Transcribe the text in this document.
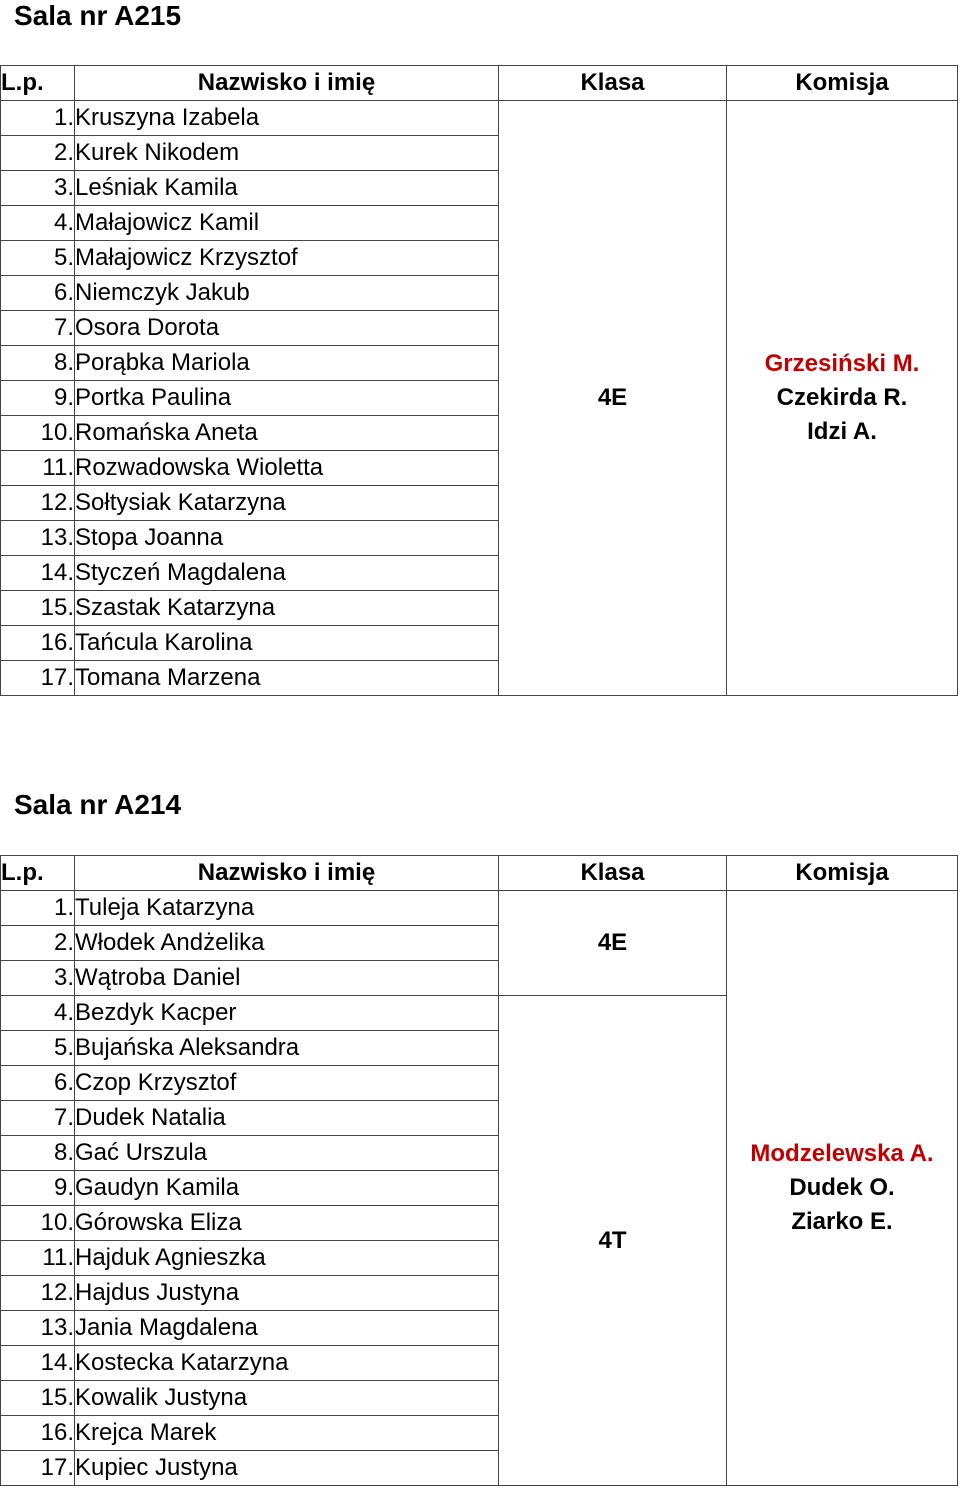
Sala nr A215
L.p.	Nazwisko i imię	Klasa	Komisja
1.	Kruszyna Izabela	4E	Grzesiński M.
Czekirda R.
Idzi A.

2.	Kurek Nikodem		
3.	Leśniak Kamila		
4.	Małajowicz Kamil		
5.	Małajowicz Krzysztof		
6.	Niemczyk Jakub		
7.	Osora Dorota		
8.	Porąbka Mariola		
9.	Portka Paulina		
10.	Romańska Aneta		
11.	Rozwadowska Wioletta		
12.	Sołtysiak Katarzyna		
13.	Stopa Joanna		
14.	Styczeń Magdalena		
15.	Szastak Katarzyna		
16.	Tańcula Karolina		
17.	Tomana Marzena		
Sala nr A214
L.p.	Nazwisko i imię	Klasa	Komisja
1.	Tuleja Katarzyna	4E	Modzelewska A.
Dudek O.
Ziarko E.

2.	Włodek Andżelika		
3.	Wątroba Daniel		
4.	Bezdyk Kacper	4T	
5.	Bujańska Aleksandra		
6.	Czop Krzysztof		
7.	Dudek Natalia		
8.	Gać Urszula		
9.	Gaudyn Kamila		
10.	Górowska Eliza		
11.	Hajduk Agnieszka		
12.	Hajdus Justyna		
13.	Jania Magdalena		
14.	Kostecka Katarzyna		
15.	Kowalik Justyna		
16.	Krejca Marek		
17.	Kupiec Justyna		
